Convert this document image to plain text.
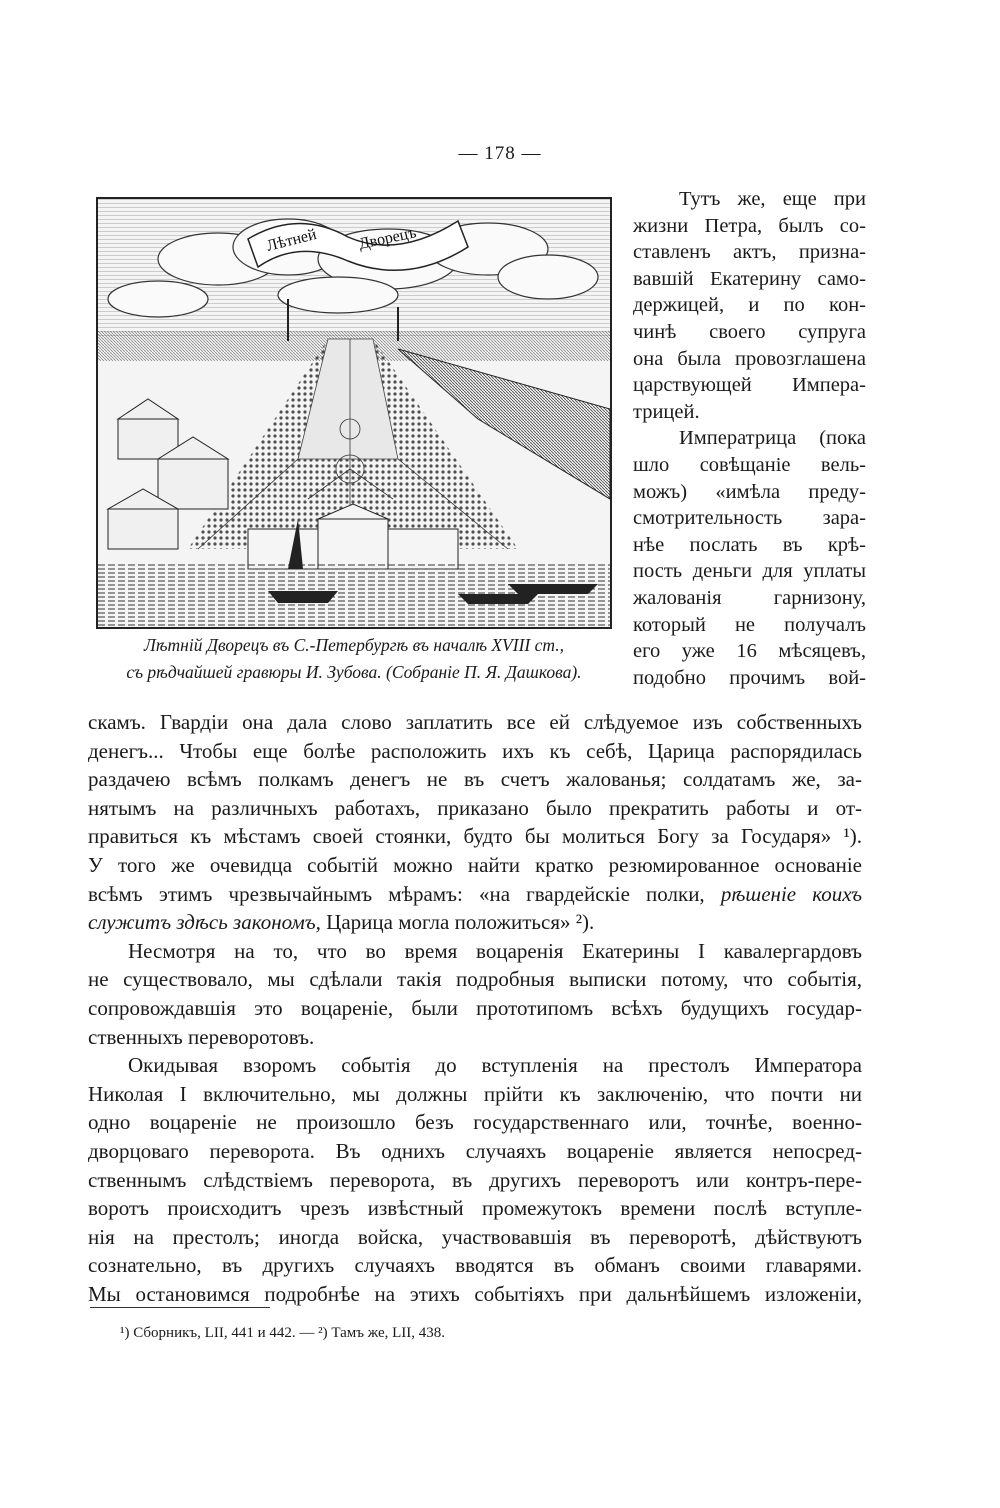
— 178 —
Лѣтней Дворецъ
Лѣтній Дворецъ въ С.-Петербургѣ въ началѣ XVIII ст.,
съ рѣдчайшей гравюры И. Зубова. (Собраніе П. Я. Дашкова).
Тутъ же, еще при
жизни Петра, былъ со-
ставленъ актъ, призна-
вавшій Екатерину само-
держицей, и по кон-
чинѣ своего супруга
она была провозглашена
царствующей Импера-
трицей.
Императрица (пока
шло совѣщаніе вель-
можъ) «имѣла преду-
смотрительность зара-
нѣе послать въ крѣ-
пость деньги для уплаты
жалованія гарнизону,
который не получалъ
его уже 16 мѣсяцевъ,
подобно прочимъ вой-
скамъ. Гвардіи она дала слово заплатить все ей слѣдуемое изъ собственныхъ
денегъ... Чтобы еще болѣе расположить ихъ къ себѣ, Царица распорядилась
раздачею всѣмъ полкамъ денегъ не въ счетъ жалованья; солдатамъ же, за-
нятымъ на различныхъ работахъ, приказано было прекратить работы и от-
правиться къ мѣстамъ своей стоянки, будто бы молиться Богу за Государя» ¹).
У того же очевидца событій можно найти кратко резюмированное основаніе
всѣмъ этимъ чрезвычайнымъ мѣрамъ: «на гвардейскіе полки, рѣшеніе коихъ
служитъ здѣсь закономъ, Царица могла положиться» ²).
Несмотря на то, что во время воцаренія Екатерины I кавалергардовъ
не существовало, мы сдѣлали такія подробныя выписки потому, что событія,
сопровождавшія это воцареніе, были прототипомъ всѣхъ будущихъ государ-
ственныхъ переворотовъ.
Окидывая взоромъ событія до вступленія на престолъ Императора
Николая I включительно, мы должны прійти къ заключенію, что почти ни
одно воцареніе не произошло безъ государственнаго или, точнѣе, военно-
дворцоваго переворота. Въ однихъ случаяхъ воцареніе является непосред-
ственнымъ слѣдствіемъ переворота, въ другихъ переворотъ или контръ-пере-
воротъ происходитъ чрезъ извѣстный промежутокъ времени послѣ вступле-
нія на престолъ; иногда войска, участвовавшія въ переворотѣ, дѣйствуютъ
сознательно, въ другихъ случаяхъ вводятся въ обманъ своими главарями.
Мы остановимся подробнѣе на этихъ событіяхъ при дальнѣйшемъ изложеніи,
¹) Сборникъ, LII, 441 и 442. — ²) Тамъ же, LII, 438.
